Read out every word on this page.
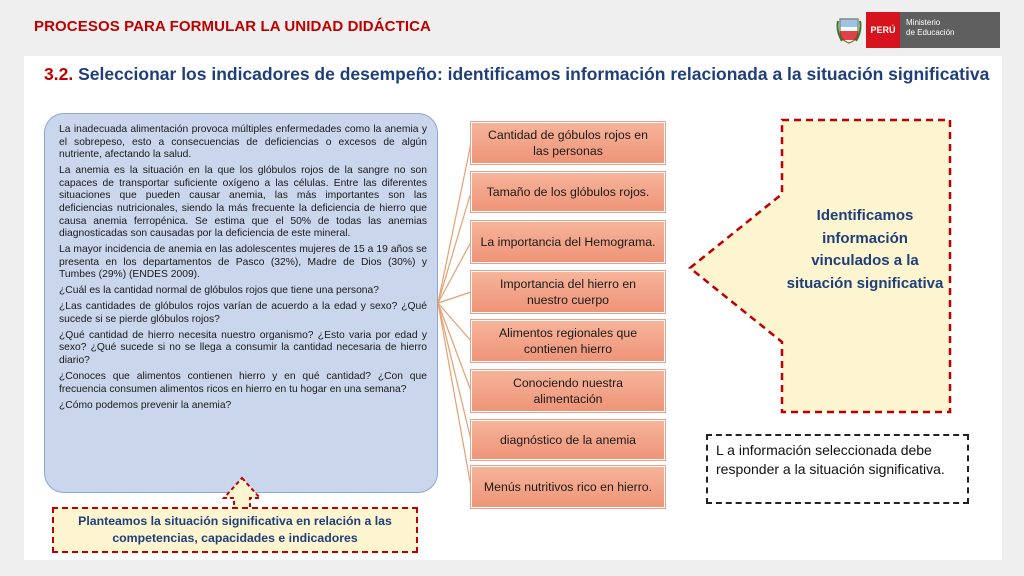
PROCESOS PARA FORMULAR LA UNIDAD DIDÁCTICA	PERÚ
Ministerio
de Educación
3.2. Seleccionar los indicadores de desempeño: identificamos información relacionada a la situación significativa

La inadecuada alimentación provoca múltiples enfermedades como la anemia y el sobrepeso, esto a consecuencias de deficiencias o excesos de algún nutriente, afectando la salud.

La anemia es la situación en la que los glóbulos rojos de la sangre no son capaces de transportar suficiente oxígeno a las células. Entre las diferentes situaciones que pueden causar anemia, las más importantes son las deficiencias nutricionales, siendo la más frecuente la deficiencia de hierro que causa anemia ferropénica. Se estima que el 50% de todas las anemias diagnosticadas son causadas por la deficiencia de este mineral.

La mayor incidencia de anemia en las adolescentes mujeres de 15 a 19 años se presenta en los departamentos de Pasco (32%), Madre de Dios (30%) y Tumbes (29%) (ENDES 2009).

¿Cuál es la cantidad normal de glóbulos rojos que tiene una persona?

¿Las cantidades de glóbulos rojos varían de acuerdo a la edad y sexo? ¿Qué sucede si se pierde glóbulos rojos?

¿Qué cantidad de hierro necesita nuestro organismo? ¿Esto varia por edad y sexo? ¿Qué sucede si no se llega a consumir la cantidad necesaria de hierro diario?

¿Conoces que alimentos contienen hierro y en qué cantidad? ¿Con que frecuencia consumen alimentos ricos en hierro en tu hogar en una semana?

¿Cómo podemos prevenir la anemia?

Planteamos la situación significativa en relación a las competencias, capacidades e indicadores
Cantidad de góbulos rojos en las personas
Tamaño de los glóbulos rojos.
La importancia del Hemograma.
Importancia del hierro en nuestro cuerpo
Alimentos regionales que contienen hierro
Conociendo nuestra alimentación
diagnóstico de la anemia
Menús nutritivos rico en hierro.
Identificamos información vinculados a la situación significativa
L a información seleccionada debe responder a la situación significativa.
